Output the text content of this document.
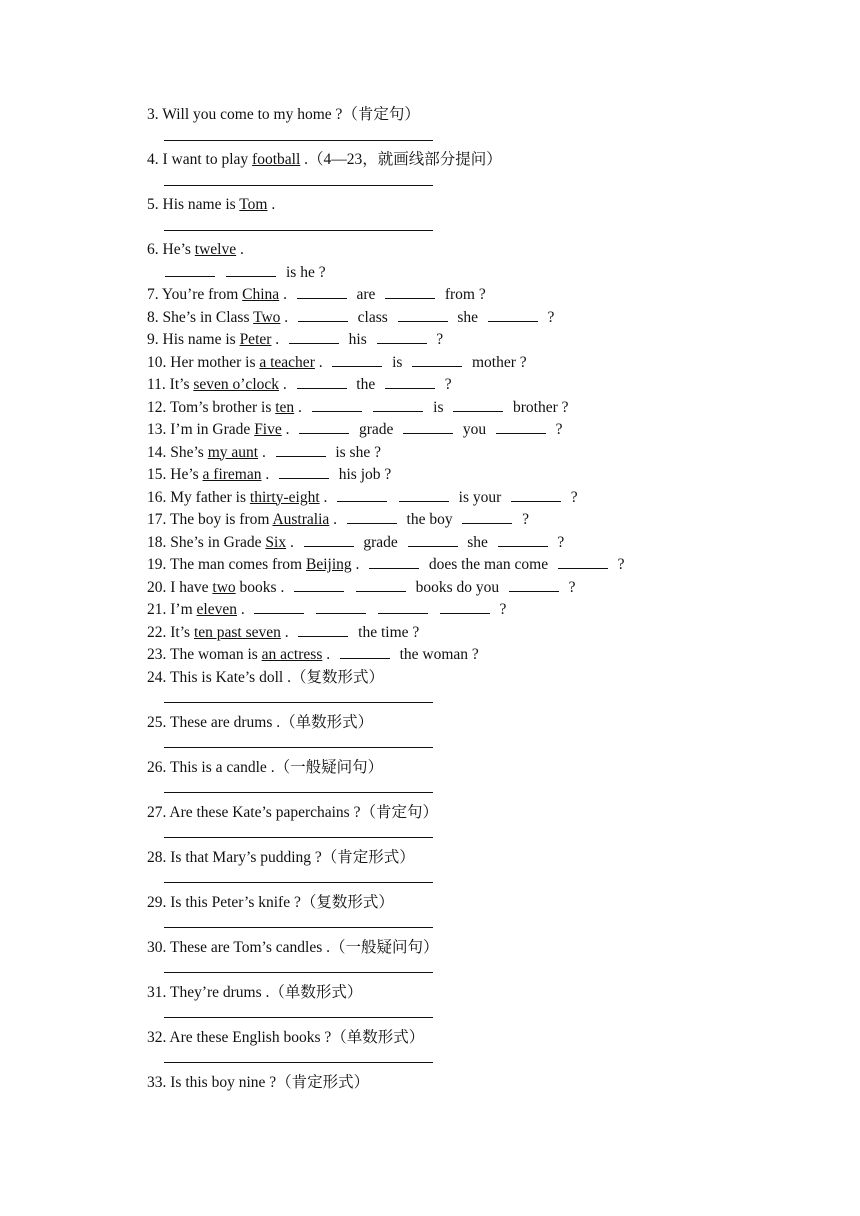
3. Will you come to my home ?（肯定句）
4. I want to play football .（4—23，就画线部分提问）
5. His name is Tom .
6. He’s twelve .
is he ?
7. You’re from China .	are	from ?
8. She’s in Class Two .	class	she	?
9. His name is Peter .	his	?
10. Her mother is a teacher .	is	mother ?
11. It’s seven o’clock .	the	?
12. Tom’s brother is ten .	is	brother ?
13. I’m in Grade Five .	grade	you	?
14. She’s my aunt .	is she ?
15. He’s a fireman .	his job ?
16. My father is thirty-eight .	is your	?
17. The boy is from Australia .	the boy	?
18. She’s in Grade Six .	grade	she	?
19. The man comes from Beijing .	does the man come	?
20. I have two books .	books do you	?
21. I’m eleven .	?
22. It’s ten past seven .	the time ?
23. The woman is an actress .	the woman ?
24. This is Kate’s doll .（复数形式）
25. These are drums .（单数形式）
26. This is a candle .（一般疑问句）
27. Are these Kate’s paperchains ?（肯定句）
28. Is that Mary’s pudding ?（肯定形式）
29. Is this Peter’s knife ?（复数形式）
30. These are Tom’s candles .（一般疑问句）
31. They’re drums .（单数形式）
32. Are these English books ?（单数形式）
33. Is this boy nine ?（肯定形式）
